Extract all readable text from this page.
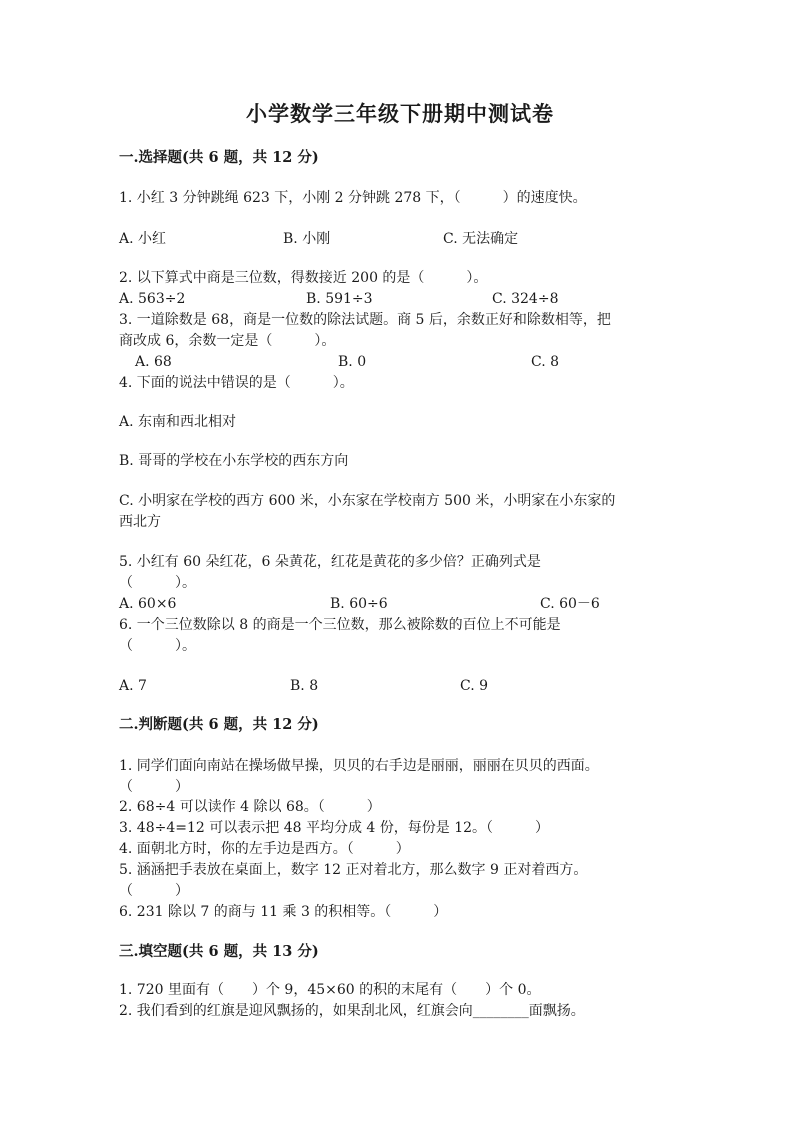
小学数学三年级下册期中测试卷
一.选择题(共 6 题，共 12 分)
1. 小红 3 分钟跳绳 623 下，小刚 2 分钟跳 278 下，（　　　）的速度快。
A. 小红	B. 小刚	C. 无法确定
2. 以下算式中商是三位数，得数接近 200 的是（　　　）。
A. 563÷2	B. 591÷3	C. 324÷8
3. 一道除数是 68，商是一位数的除法试题。商 5 后，余数正好和除数相等，把
商改成 6，余数一定是（　　　）。
A. 68	B. 0	C. 8
4. 下面的说法中错误的是（　　　）。
A. 东南和西北相对
B. 哥哥的学校在小东学校的西东方向
C. 小明家在学校的西方 600 米，小东家在学校南方 500 米，小明家在小东家的
西北方
5. 小红有 60 朵红花，6 朵黄花，红花是黄花的多少倍？正确列式是
（　　　）。
A. 60×6	B. 60÷6	C. 60－6
6. 一个三位数除以 8 的商是一个三位数，那么被除数的百位上不可能是
（　　　）。
A. 7	B. 8	C. 9
二.判断题(共 6 题，共 12 分)
1. 同学们面向南站在操场做早操，贝贝的右手边是丽丽，丽丽在贝贝的西面。
（　　　）
2. 68÷4 可以读作 4 除以 68。（　　　）
3. 48÷4=12 可以表示把 48 平均分成 4 份，每份是 12。（　　　）
4. 面朝北方时，你的左手边是西方。（　　　）
5. 涵涵把手表放在桌面上，数字 12 正对着北方，那么数字 9 正对着西方。
（　　　）
6. 231 除以 7 的商与 11 乘 3 的积相等。（　　　）
三.填空题(共 6 题，共 13 分)
1. 720 里面有（　　）个 9，45×60 的积的末尾有（　　）个 0。
2. 我们看到的红旗是迎风飘扬的，如果刮北风，红旗会向________面飘扬。
